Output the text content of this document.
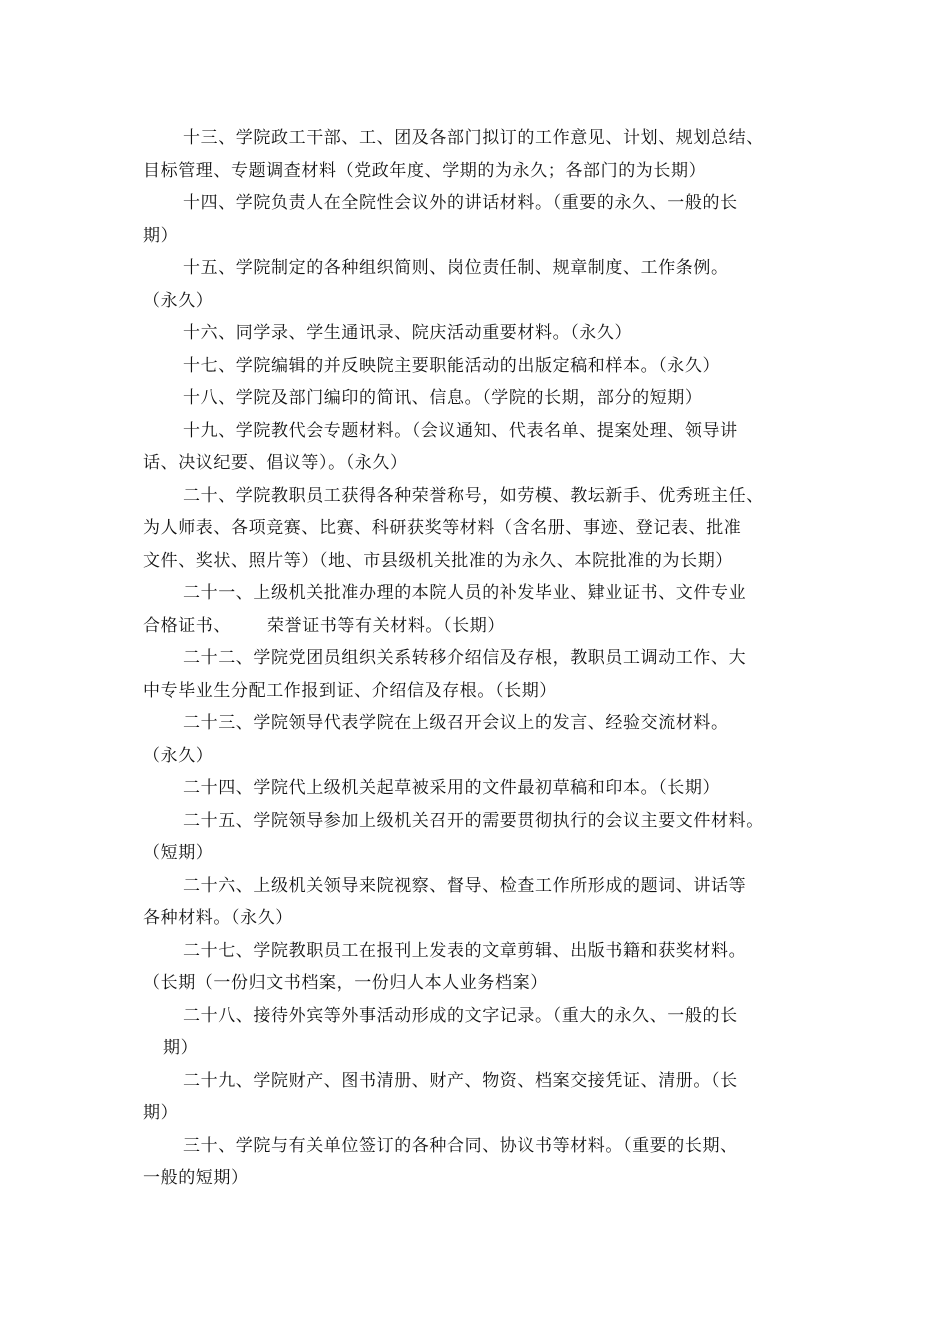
十三、学院政工干部、工、团及各部门拟订的工作意见、计划、规划总结、
目标管理、专题调查材料（党政年度、学期的为永久；各部门的为长期）
十四、学院负责人在全院性会议外的讲话材料。（重要的永久、一般的长
期）
十五、学院制定的各种组织简则、岗位责任制、规章制度、工作条例。
（永久）
十六、同学录、学生通讯录、院庆活动重要材料。（永久）
十七、学院编辑的并反映院主要职能活动的出版定稿和样本。（永久）
十八、学院及部门编印的简讯、信息。（学院的长期，部分的短期）
十九、学院教代会专题材料。（会议通知、代表名单、提案处理、领导讲
话、决议纪要、倡议等）。（永久）
二十、学院教职员工获得各种荣誉称号，如劳模、教坛新手、优秀班主任、
为人师表、各项竞赛、比赛、科研获奖等材料（含名册、事迹、登记表、批准
文件、奖状、照片等）（地、市县级机关批准的为永久、本院批准的为长期）
二十一、上级机关批准办理的本院人员的补发毕业、肄业证书、文件专业
合格证书、      荣誉证书等有关材料。（长期）
二十二、学院党团员组织关系转移介绍信及存根，教职员工调动工作、大
中专毕业生分配工作报到证、介绍信及存根。（长期）
二十三、学院领导代表学院在上级召开会议上的发言、经验交流材料。
（永久）
二十四、学院代上级机关起草被采用的文件最初草稿和印本。（长期）
二十五、学院领导参加上级机关召开的需要贯彻执行的会议主要文件材料。
（短期）
二十六、上级机关领导来院视察、督导、检查工作所形成的题词、讲话等
各种材料。（永久）
二十七、学院教职员工在报刊上发表的文章剪辑、出版书籍和获奖材料。
（长期（一份归文书档案，一份归人本人业务档案）
二十八、接待外宾等外事活动形成的文字记录。（重大的永久、一般的长
期）
二十九、学院财产、图书清册、财产、物资、档案交接凭证、清册。（长
期）
三十、学院与有关单位签订的各种合同、协议书等材料。（重要的长期、
一般的短期）
